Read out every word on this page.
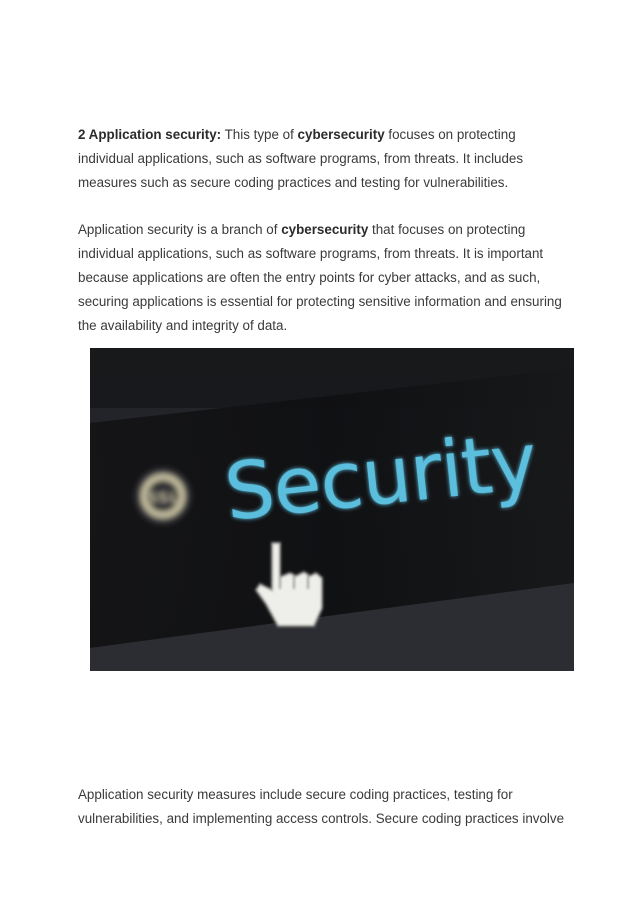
2 Application security: This type of cybersecurity focuses on protecting individual applications, such as software programs, from threats. It includes measures such as secure coding practices and testing for vulnerabilities.

Application security is a branch of cybersecurity that focuses on protecting individual applications, such as software programs, from threats. It is important because applications are often the entry points for cyber attacks, and as such, securing applications is essential for protecting sensitive information and ensuring the availability and integrity of data.

SSL Security

Application security measures include secure coding practices, testing for vulnerabilities, and implementing access controls. Secure coding practices involve
